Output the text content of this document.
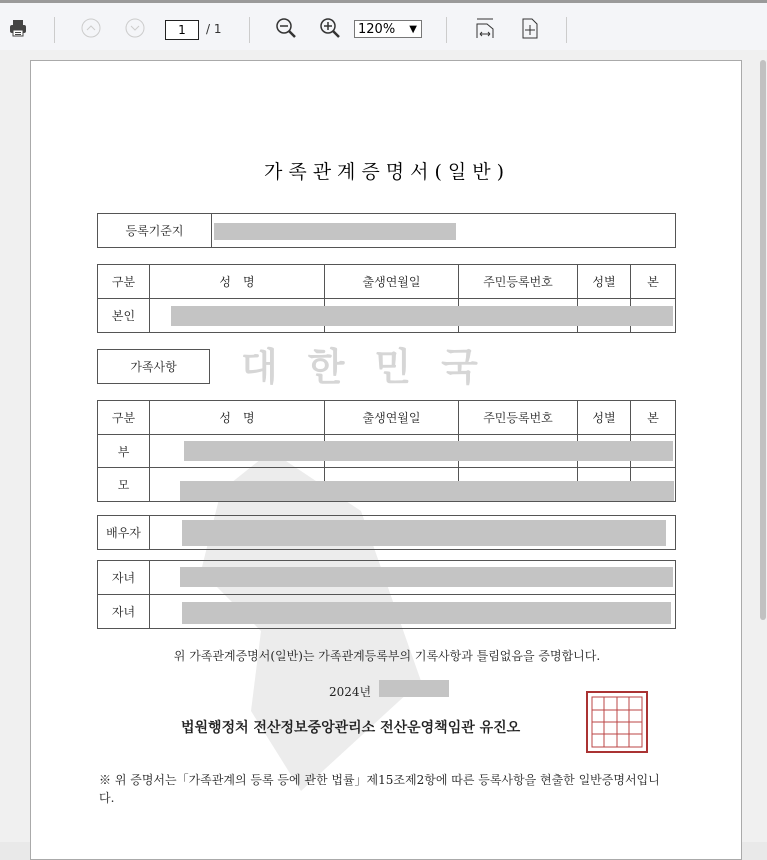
1	/ 1	120% ▼
대한민국
가족관계증명서(일반)
등록기준지	
구분	성　명	출생연월일	주민등록번호	성별	본
본인					
가족사항
구분	성　명	출생연월일	주민등록번호	성별	본
부					
모					
배우자	
자녀	
자녀	
위 가족관계증명서(일반)는 가족관계등록부의 기록사항과 틀림없음을 증명합니다.
2024년
법원행정처 전산정보중앙관리소 전산운영책임관 유진오
※ 위 증명서는「가족관계의 등록 등에 관한 법률」제15조제2항에 따른 등록사항을 현출한 일반증명서입니다.
